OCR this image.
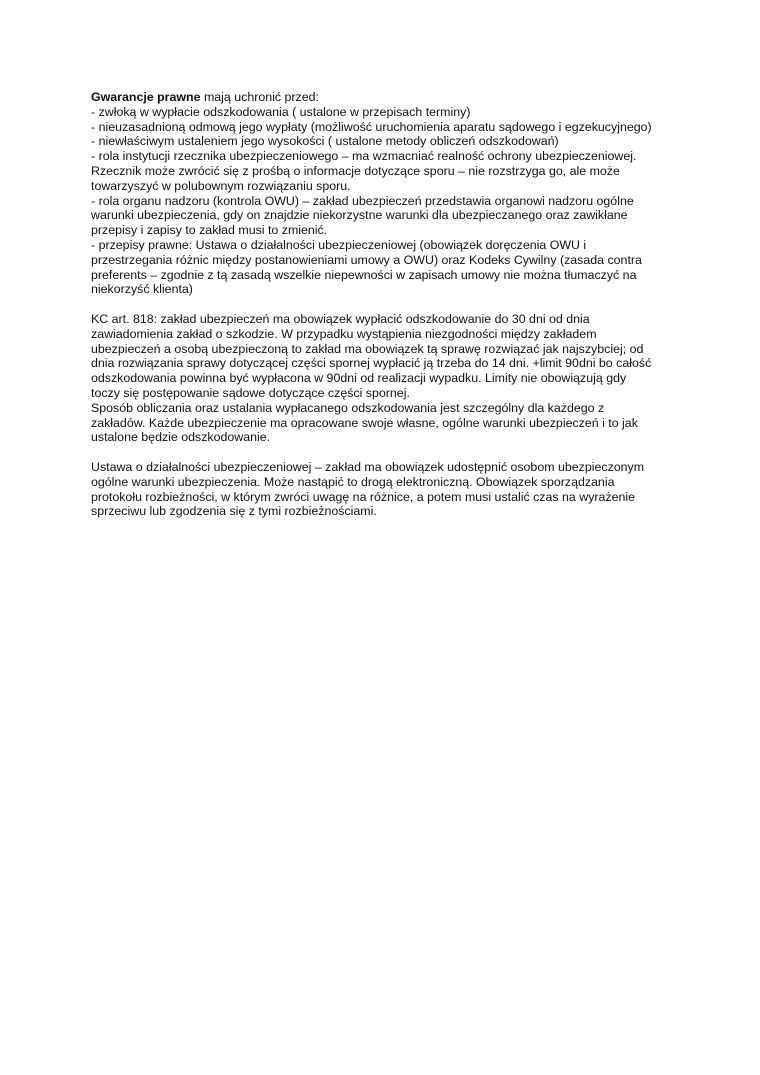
Gwarancje prawne mają uchronić przed:
- zwłoką w wypłacie odszkodowania ( ustalone w przepisach terminy)
- nieuzasadnioną odmową jego wypłaty (możliwość uruchomienia aparatu sądowego i egzekucyjnego)
- niewłaściwym ustaleniem jego wysokości ( ustalone metody obliczeń odszkodowań)
- rola instytucji rzecznika ubezpieczeniowego – ma wzmacniać realność ochrony ubezpieczeniowej.
Rzecznik może zwrócić się z prośbą o informacje dotyczące sporu – nie rozstrzyga go, ale może
towarzyszyć w polubownym rozwiązaniu sporu.
- rola organu nadzoru (kontrola OWU) – zakład ubezpieczeń przedstawia organowi nadzoru ogólne
warunki ubezpieczenia, gdy on znajdzie niekorzystne warunki dla ubezpieczanego oraz zawikłane
przepisy i zapisy to zakład musi to zmienić.
- przepisy prawne: Ustawa o działalności ubezpieczeniowej (obowiązek doręczenia OWU i
przestrzegania różnic między postanowieniami umowy a OWU) oraz Kodeks Cywilny (zasada contra
preferents – zgodnie z tą zasadą wszelkie niepewności w zapisach umowy nie można tłumaczyć na
niekorzyść klienta)
KC art. 818: zakład ubezpieczeń ma obowiązek wypłacić odszkodowanie do 30 dni od dnia
zawiadomienia zakład o szkodzie. W przypadku wystąpienia niezgodności między zakładem
ubezpieczeń a osobą ubezpieczoną to zakład ma obowiązek tą sprawę rozwiązać jak najszybciej; od
dnia rozwiązania sprawy dotyczącej części spornej wypłacić ją trzeba do 14 dni. +limit 90dni bo całość
odszkodowania powinna być wypłacona w 90dni od realizacji wypadku. Limity nie obowiązują gdy
toczy się postępowanie sądowe dotyczące części spornej.
Sposób obliczania oraz ustalania wypłacanego odszkodowania jest szczególny dla każdego z
zakładów. Każde ubezpieczenie ma opracowane swoje własne, ogólne warunki ubezpieczeń i to jak
ustalone będzie odszkodowanie.
Ustawa o działalności ubezpieczeniowej – zakład ma obowiązek udostępnić osobom ubezpieczonym
ogólne warunki ubezpieczenia. Może nastąpić to drogą elektroniczną. Obowiązek sporządzania
protokołu rozbieżności, w którym zwróci uwagę na różnice, a potem musi ustalić czas na wyrażenie
sprzeciwu lub zgodzenia się z tymi rozbieżnościami.
